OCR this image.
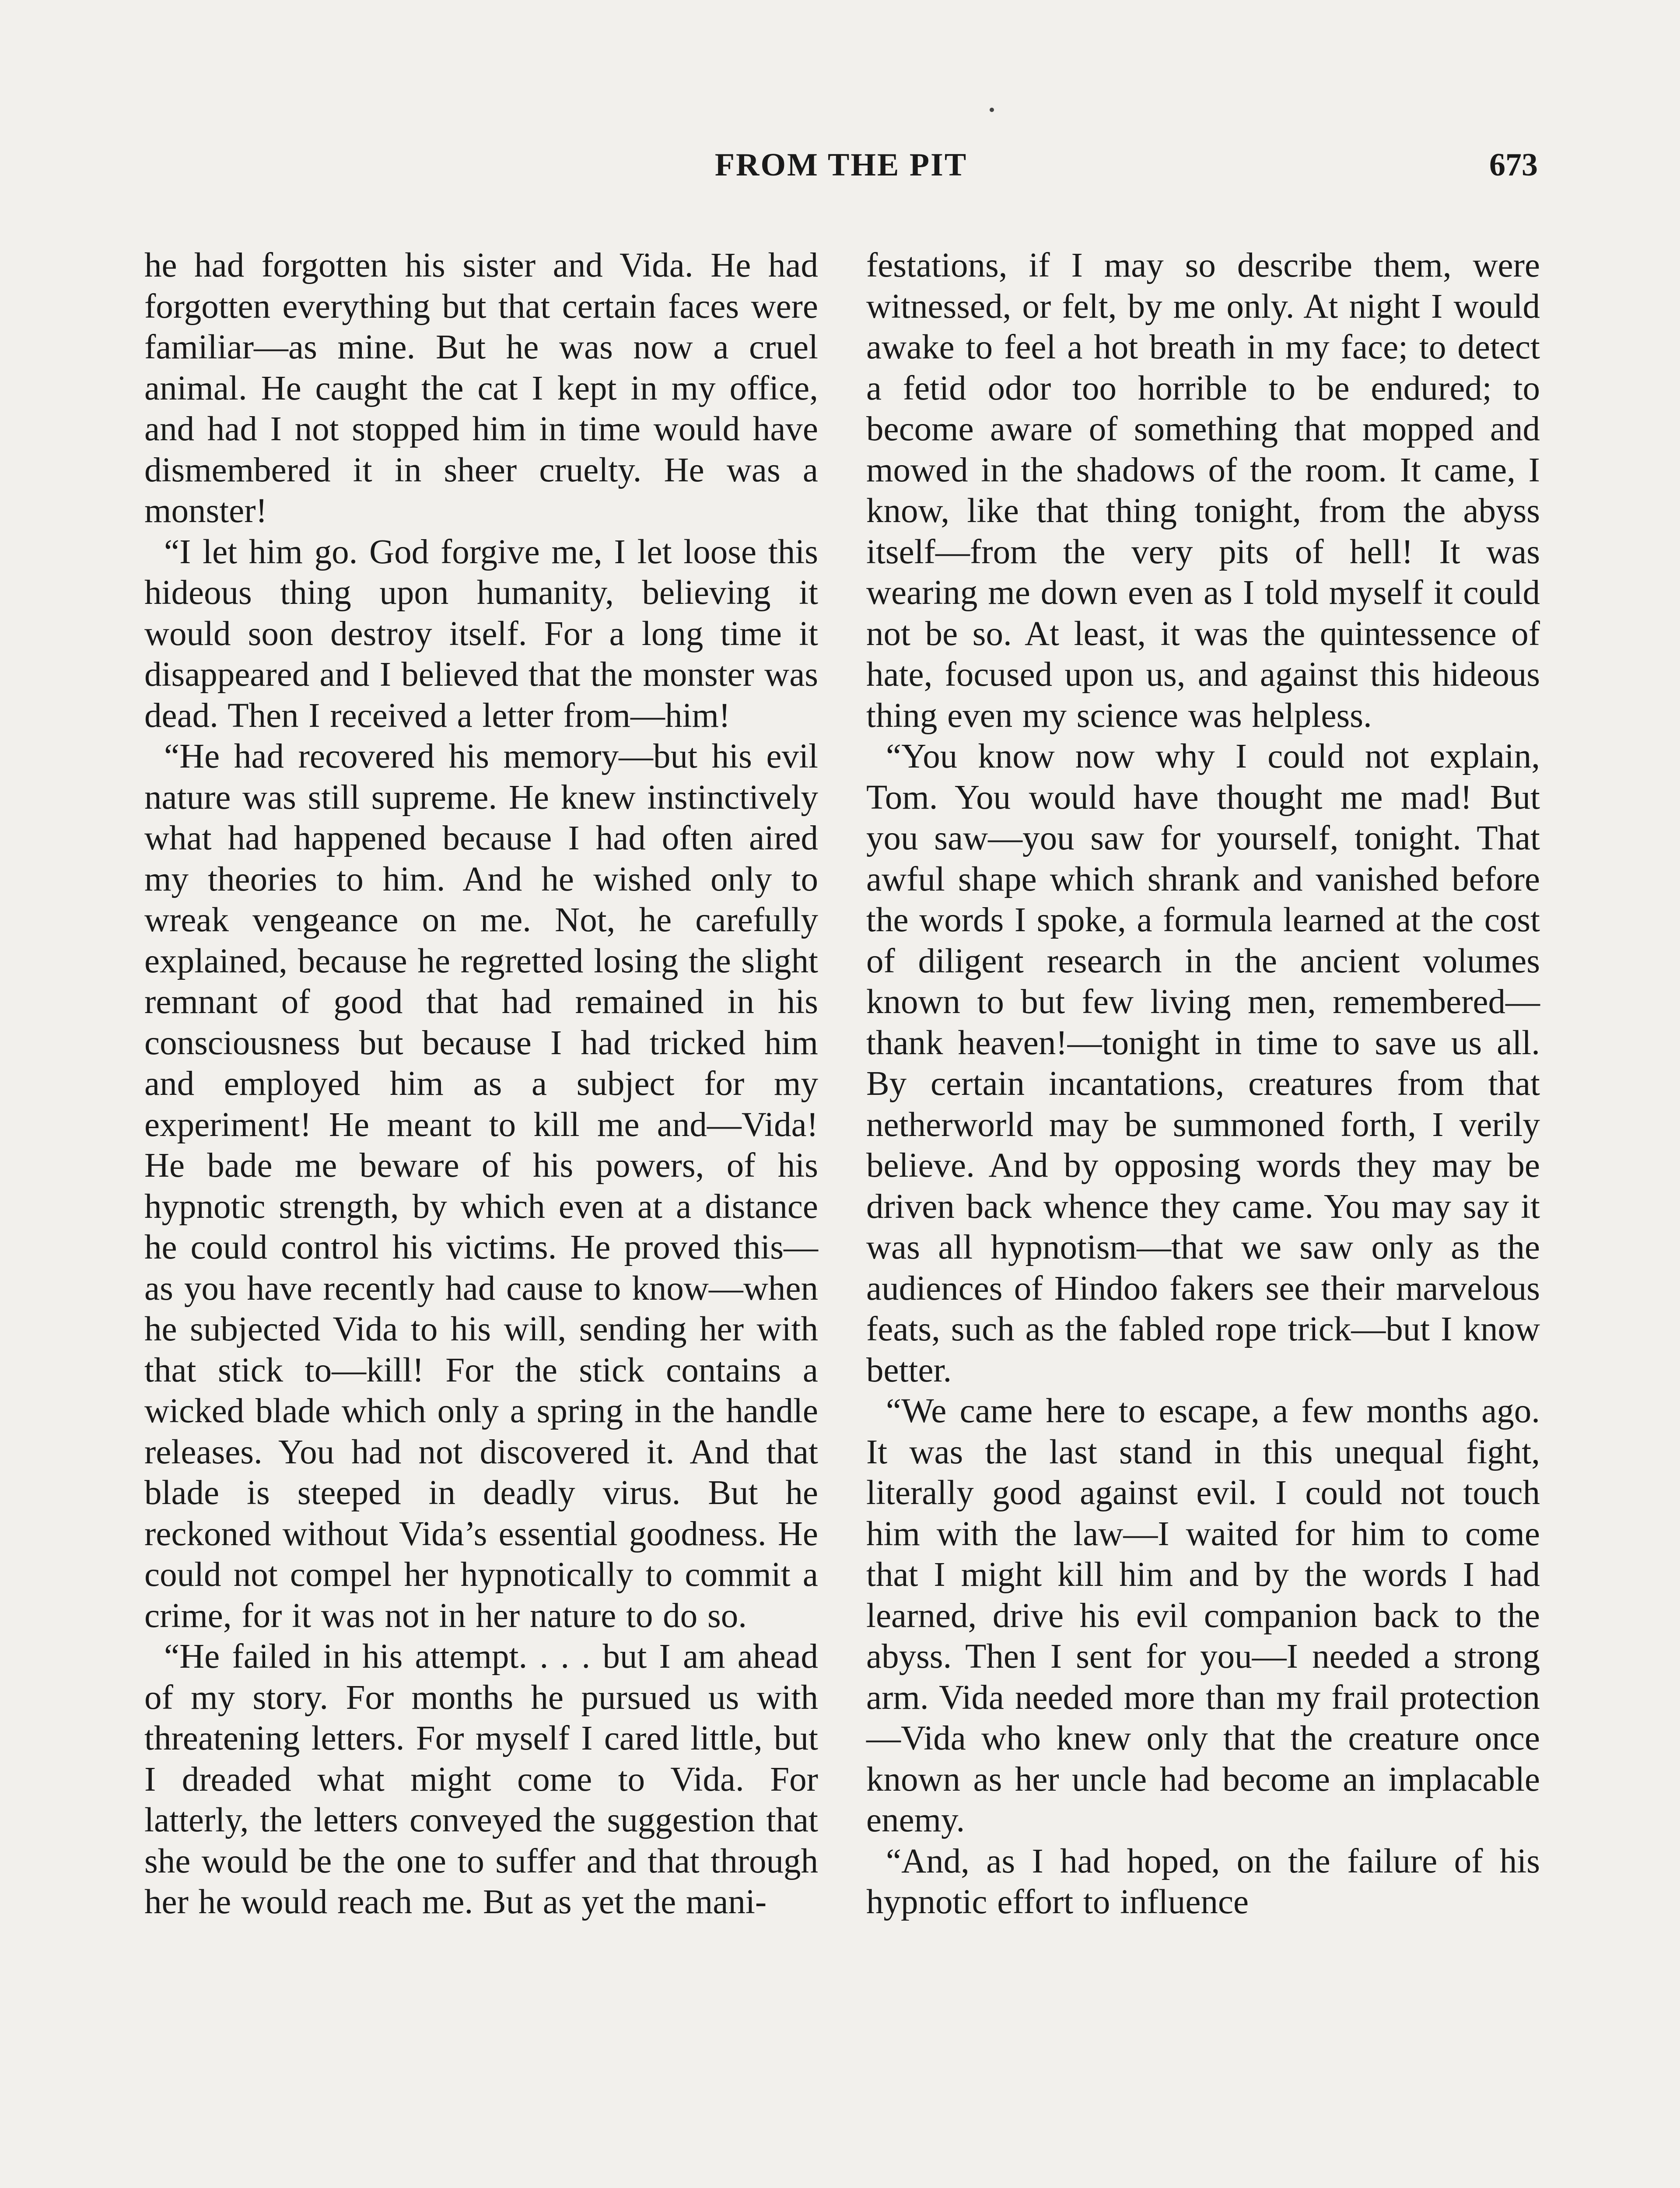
FROM THE PIT	673

he had forgotten his sister and Vida. He had forgotten everything but that certain faces were familiar—as mine. But he was now a cruel animal. He caught the cat I kept in my office, and had I not stopped him in time would have dismembered it in sheer cruelty. He was a monster!

“I let him go. God forgive me, I let loose this hideous thing upon humanity, believing it would soon destroy itself. For a long time it disappeared and I believed that the monster was dead. Then I received a letter from—him!

“He had recovered his memory—but his evil nature was still supreme. He knew instinctively what had happened because I had often aired my theories to him. And he wished only to wreak vengeance on me. Not, he carefully explained, because he regretted losing the slight remnant of good that had remained in his consciousness but because I had tricked him and employed him as a subject for my experiment! He meant to kill me and—Vida! He bade me beware of his powers, of his hypnotic strength, by which even at a distance he could control his victims. He proved this—as you have recently had cause to know—when he subjected Vida to his will, sending her with that stick to—kill! For the stick contains a wicked blade which only a spring in the handle releases. You had not discovered it. And that blade is steeped in deadly virus. But he reckoned without Vida’s essential goodness. He could not compel her hypnotically to commit a crime, for it was not in her nature to do so.

“He failed in his attempt. . . . but I am ahead of my story. For months he pursued us with threatening letters. For myself I cared little, but I dreaded what might come to Vida. For latterly, the letters conveyed the suggestion that she would be the one to suffer and that through her he would reach me. But as yet the mani-

festations, if I may so describe them, were witnessed, or felt, by me only. At night I would awake to feel a hot breath in my face; to detect a fetid odor too horrible to be endured; to become aware of something that mopped and mowed in the shadows of the room. It came, I know, like that thing tonight, from the abyss itself—from the very pits of hell! It was wearing me down even as I told myself it could not be so. At least, it was the quintessence of hate, focused upon us, and against this hideous thing even my science was helpless.

“You know now why I could not explain, Tom. You would have thought me mad! But you saw—you saw for yourself, tonight. That awful shape which shrank and vanished before the words I spoke, a formula learned at the cost of diligent research in the ancient volumes known to but few living men, remembered—thank heaven!—tonight in time to save us all. By certain incantations, creatures from that netherworld may be summoned forth, I verily believe. And by opposing words they may be driven back whence they came. You may say it was all hypnotism—that we saw only as the audiences of Hindoo fakers see their marvelous feats, such as the fabled rope trick—but I know better.

“We came here to escape, a few months ago. It was the last stand in this unequal fight, literally good against evil. I could not touch him with the law—I waited for him to come that I might kill him and by the words I had learned, drive his evil companion back to the abyss. Then I sent for you—I needed a strong arm. Vida needed more than my frail protection—Vida who knew only that the creature once known as her uncle had become an implacable enemy.

“And, as I had hoped, on the failure of his hypnotic effort to influence
